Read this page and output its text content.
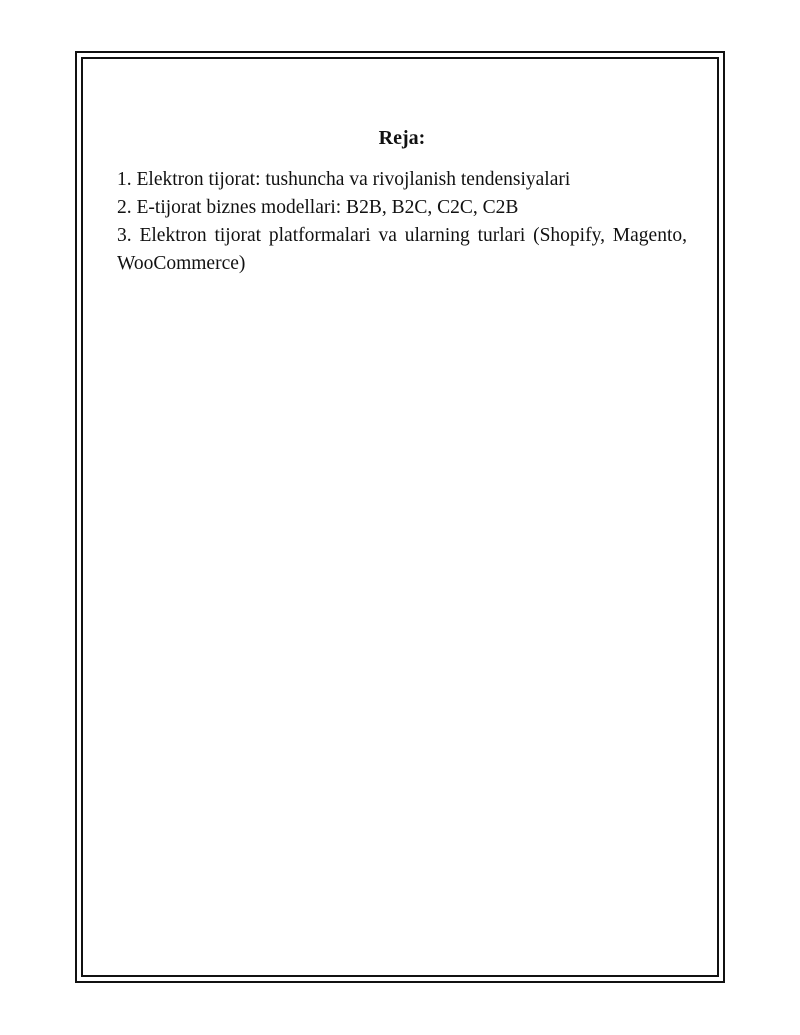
Reja:
1. Elektron tijorat: tushuncha va rivojlanish tendensiyalari
2. E-tijorat biznes modellari: B2B, B2C, C2C, C2B
3. Elektron tijorat platformalari va ularning turlari (Shopify, Magento, WooCommerce)
